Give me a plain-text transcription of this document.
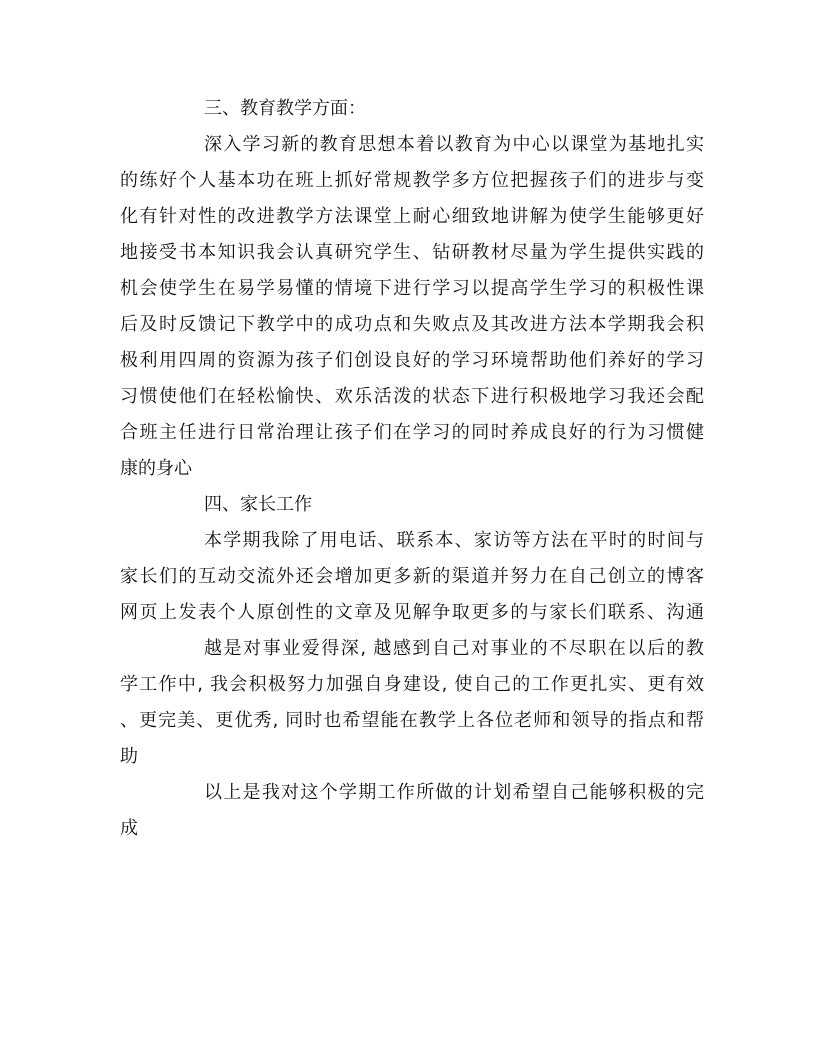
三、教育教学方面：
深入学习新的教育思想本着以教育为中心以课堂为基地扎实
的练好个人基本功在班上抓好常规教学多方位把握孩子们的进步与变
化有针对性的改进教学方法课堂上耐心细致地讲解为使学生能够更好
地接受书本知识我会认真研究学生、钻研教材尽量为学生提供实践的
机会使学生在易学易懂的情境下进行学习以提高学生学习的积极性课
后及时反馈记下教学中的成功点和失败点及其改进方法本学期我会积
极利用四周的资源为孩子们创设良好的学习环境帮助他们养好的学习
习惯使他们在轻松愉快、欢乐活泼的状态下进行积极地学习我还会配
合班主任进行日常治理让孩子们在学习的同时养成良好的行为习惯健
康的身心
四、家长工作
本学期我除了用电话、联系本、家访等方法在平时的时间与
家长们的互动交流外还会增加更多新的渠道并努力在自己创立的博客
网页上发表个人原创性的文章及见解争取更多的与家长们联系、沟通
越是对事业爱得深, 越感到自己对事业的不尽职在以后的教
学工作中, 我会积极努力加强自身建设, 使自己的工作更扎实、更有效
、更完美、更优秀, 同时也希望能在教学上各位老师和领导的指点和帮
助
以上是我对这个学期工作所做的计划希望自己能够积极的完
成
